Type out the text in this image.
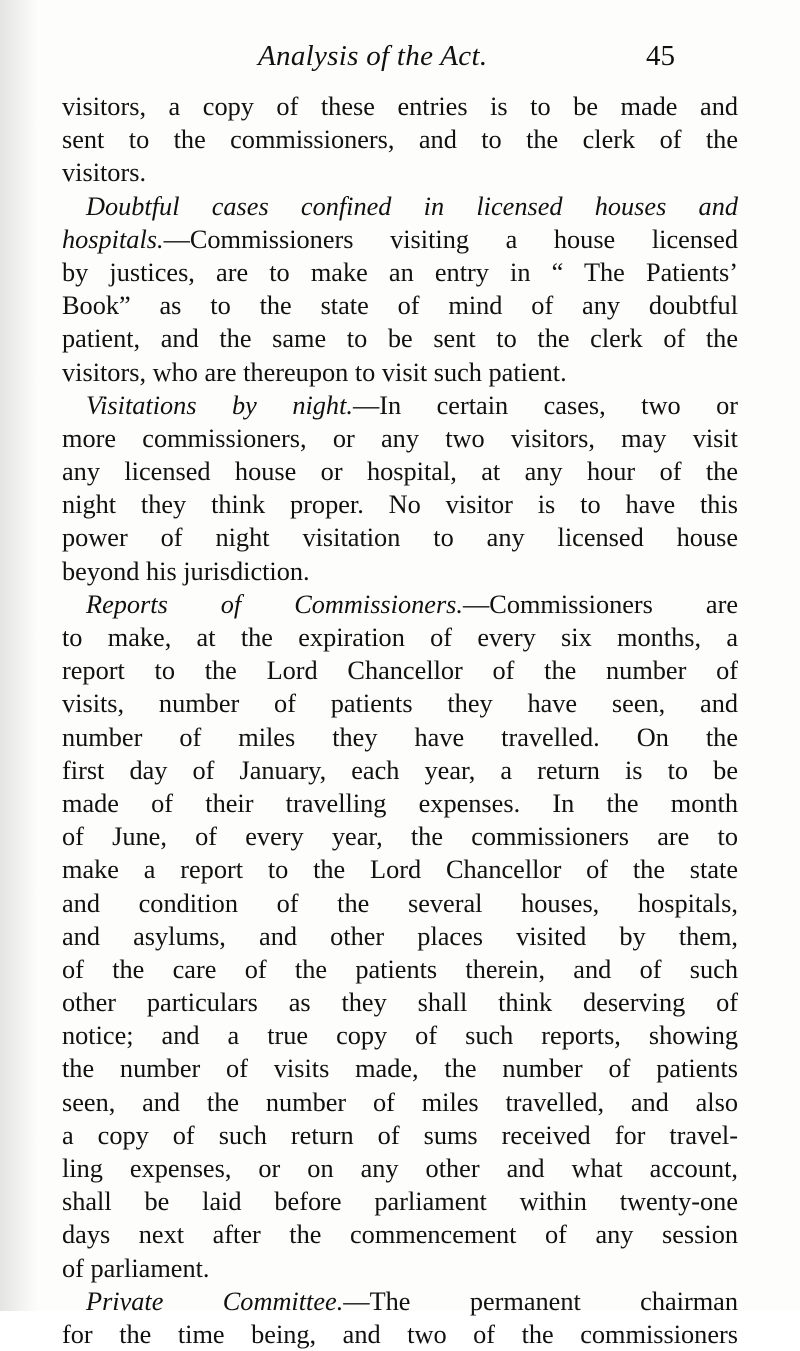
Analysis of the Act.	45
visitors, a copy of these entries is to be made and
sent to the commissioners, and to the clerk of the
visitors.
Doubtful cases confined in licensed houses and
hospitals.—Commissioners visiting a house licensed
by justices, are to make an entry in “ The Patients’
Book” as to the state of mind of any doubtful
patient, and the same to be sent to the clerk of the
visitors, who are thereupon to visit such patient.
Visitations by night.—In certain cases, two or
more commissioners, or any two visitors, may visit
any licensed house or hospital, at any hour of the
night they think proper. No visitor is to have this
power of night visitation to any licensed house
beyond his jurisdiction.
Reports of Commissioners.—Commissioners are
to make, at the expiration of every six months, a
report to the Lord Chancellor of the number of
visits, number of patients they have seen, and
number of miles they have travelled. On the
first day of January, each year, a return is to be
made of their travelling expenses. In the month
of June, of every year, the commissioners are to
make a report to the Lord Chancellor of the state
and condition of the several houses, hospitals,
and asylums, and other places visited by them,
of the care of the patients therein, and of such
other particulars as they shall think deserving of
notice; and a true copy of such reports, showing
the number of visits made, the number of patients
seen, and the number of miles travelled, and also
a copy of such return of sums received for travel-
ling expenses, or on any other and what account,
shall be laid before parliament within twenty-one
days next after the commencement of any session
of parliament.
Private Committee.—The permanent chairman
for the time being, and two of the commissioners
